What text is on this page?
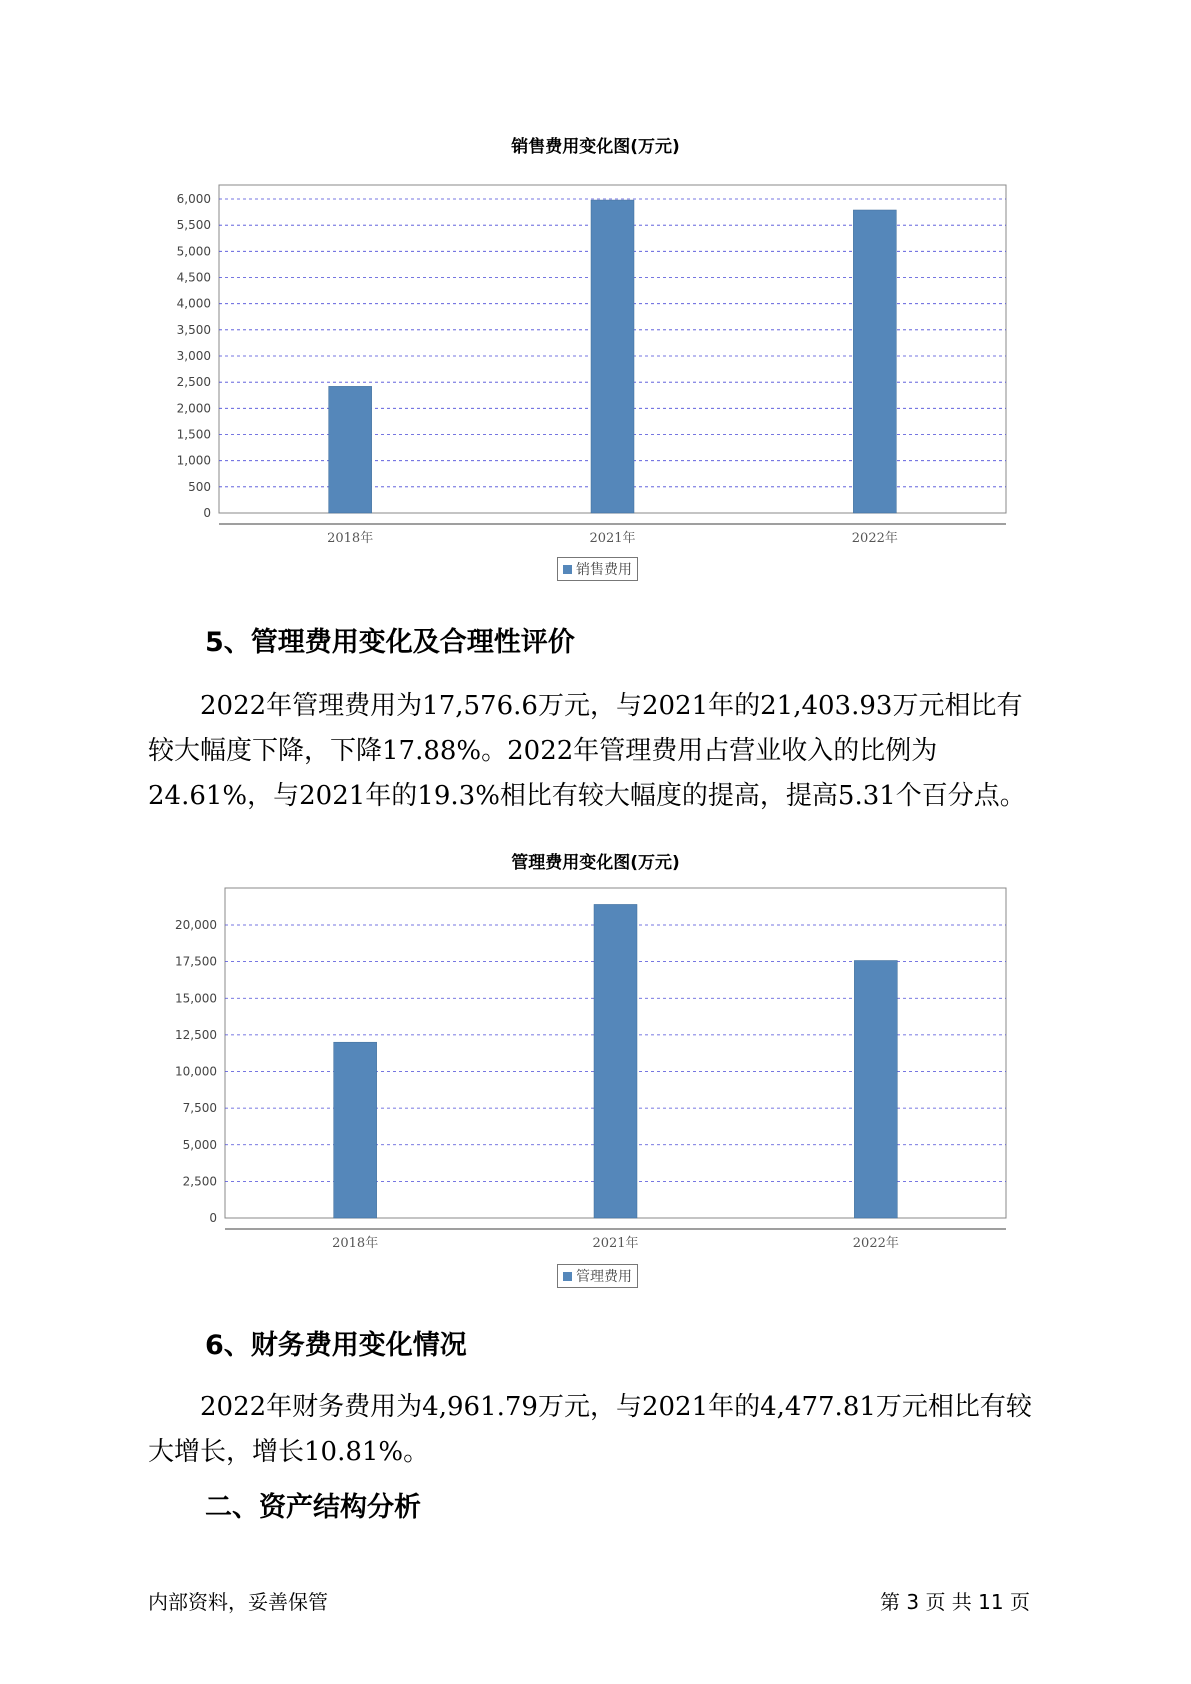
销售费用变化图(万元)
0
500
1,000
1,500
2,000
2,500
3,000
3,500
4,000
4,500
5,000
5,500
6,000
2018年	2021年	2022年
销售费用
5、管理费用变化及合理性评价

2022年管理费用为17,576.6万元，与2021年的21,403.93万元相比有较大幅度下降，下降17.88%。2022年管理费用占营业收入的比例为24.61%，与2021年的19.3%相比有较大幅度的提高，提高5.31个百分点。

管理费用变化图(万元)
0
2,500
5,000
7,500
10,000
12,500
15,000
17,500
20,000
2018年	2021年	2022年
管理费用
6、财务费用变化情况

2022年财务费用为4,961.79万元，与2021年的4,477.81万元相比有较大增长，增长10.81%。

二、资产结构分析
内部资料，妥善保管	第 3 页 共 11 页
